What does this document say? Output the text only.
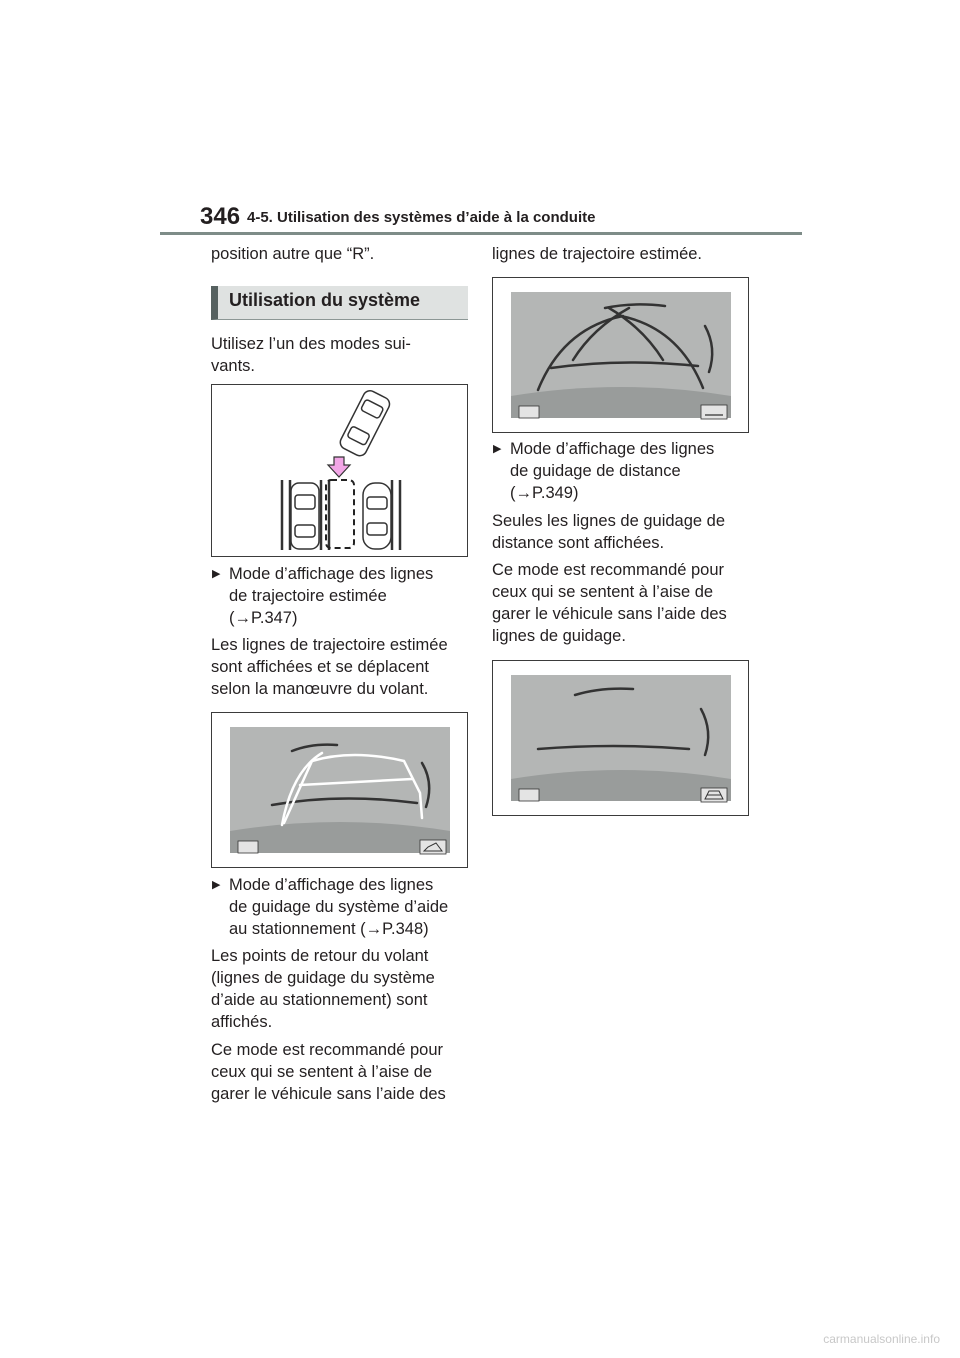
346 4-5. Utilisation des systèmes d’aide à la conduite

position autre que “R”.

Utilisation du système

Utilisez l’un des modes sui-

vants.

▶ Mode d’affichage des lignes
de trajectoire estimée
(→P.347)
Les lignes de trajectoire estimée
sont affichées et se déplacent
selon la manœuvre du volant.
▶ Mode d’affichage des lignes
de guidage du système d’aide
au stationnement (→P.348)
Les points de retour du volant
(lignes de guidage du système
d’aide au stationnement) sont
affichés.
Ce mode est recommandé pour
ceux qui se sentent à l’aise de
garer le véhicule sans l’aide des

lignes de trajectoire estimée.

▶ Mode d’affichage des lignes
de guidage de distance
(→P.349)
Seules les lignes de guidage de
distance sont affichées.
Ce mode est recommandé pour
ceux qui se sentent à l’aise de
garer le véhicule sans l’aide des
lignes de guidage.
carmanualsonline.info
